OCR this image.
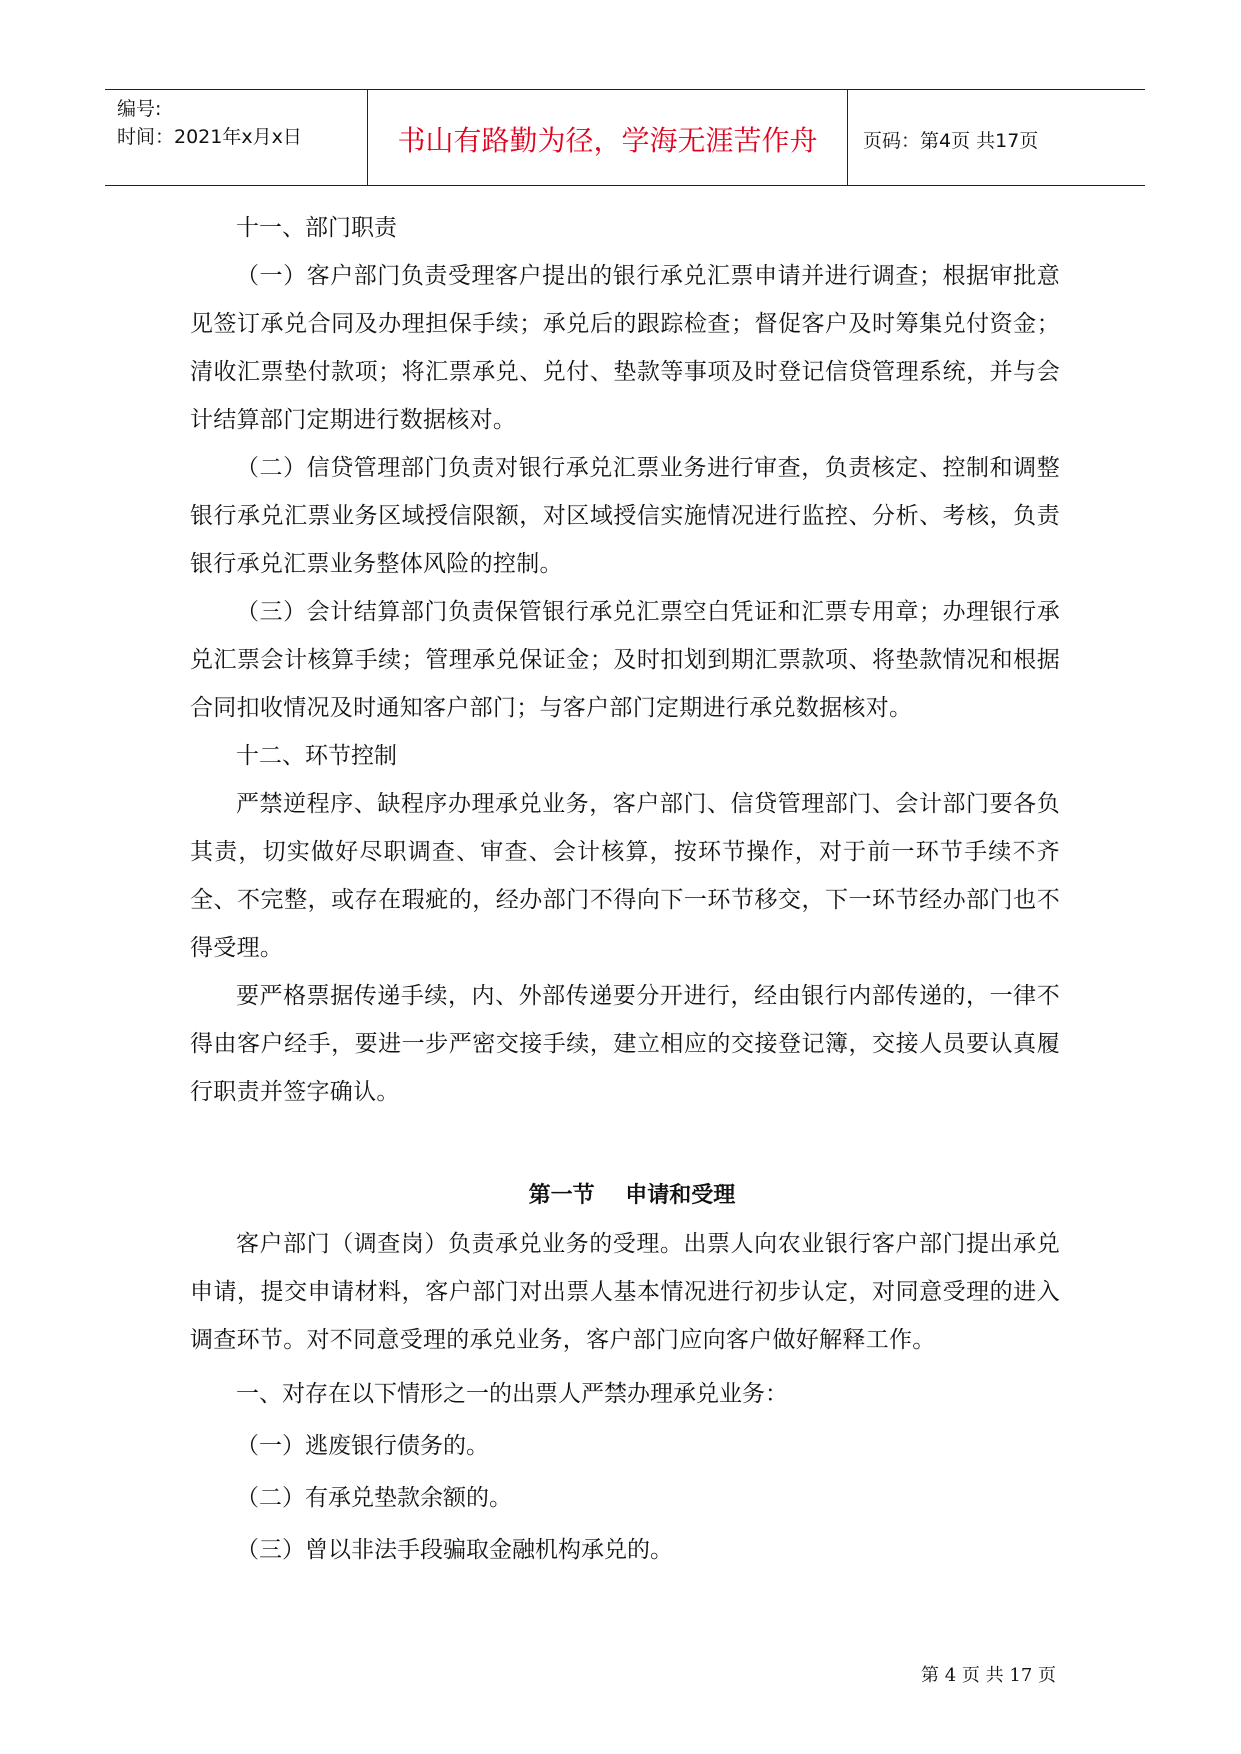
编号:
时间：2021年x月x日	书山有路勤为径，学海无涯苦作舟	页码：第4页 共17页

十一、部门职责

（一）客户部门负责受理客户提出的银行承兑汇票申请并进行调查；根据审批意见签订承兑合同及办理担保手续；承兑后的跟踪检查；督促客户及时筹集兑付资金；清收汇票垫付款项；将汇票承兑、兑付、垫款等事项及时登记信贷管理系统，并与会计结算部门定期进行数据核对。

（二）信贷管理部门负责对银行承兑汇票业务进行审查，负责核定、控制和调整银行承兑汇票业务区域授信限额，对区域授信实施情况进行监控、分析、考核，负责银行承兑汇票业务整体风险的控制。

（三）会计结算部门负责保管银行承兑汇票空白凭证和汇票专用章；办理银行承兑汇票会计核算手续；管理承兑保证金；及时扣划到期汇票款项、将垫款情况和根据合同扣收情况及时通知客户部门；与客户部门定期进行承兑数据核对。

十二、环节控制

严禁逆程序、缺程序办理承兑业务，客户部门、信贷管理部门、会计部门要各负其责，切实做好尽职调查、审查、会计核算，按环节操作，对于前一环节手续不齐全、不完整，或存在瑕疵的，经办部门不得向下一环节移交，下一环节经办部门也不得受理。

要严格票据传递手续，内、外部传递要分开进行，经由银行内部传递的，一律不得由客户经手，要进一步严密交接手续，建立相应的交接登记簿，交接人员要认真履行职责并签字确认。

第一节    申请和受理

客户部门（调查岗）负责承兑业务的受理。出票人向农业银行客户部门提出承兑申请，提交申请材料，客户部门对出票人基本情况进行初步认定，对同意受理的进入调查环节。对不同意受理的承兑业务，客户部门应向客户做好解释工作。

一、对存在以下情形之一的出票人严禁办理承兑业务：

（一）逃废银行债务的。

（二）有承兑垫款余额的。

（三）曾以非法手段骗取金融机构承兑的。

第 4 页 共 17 页
